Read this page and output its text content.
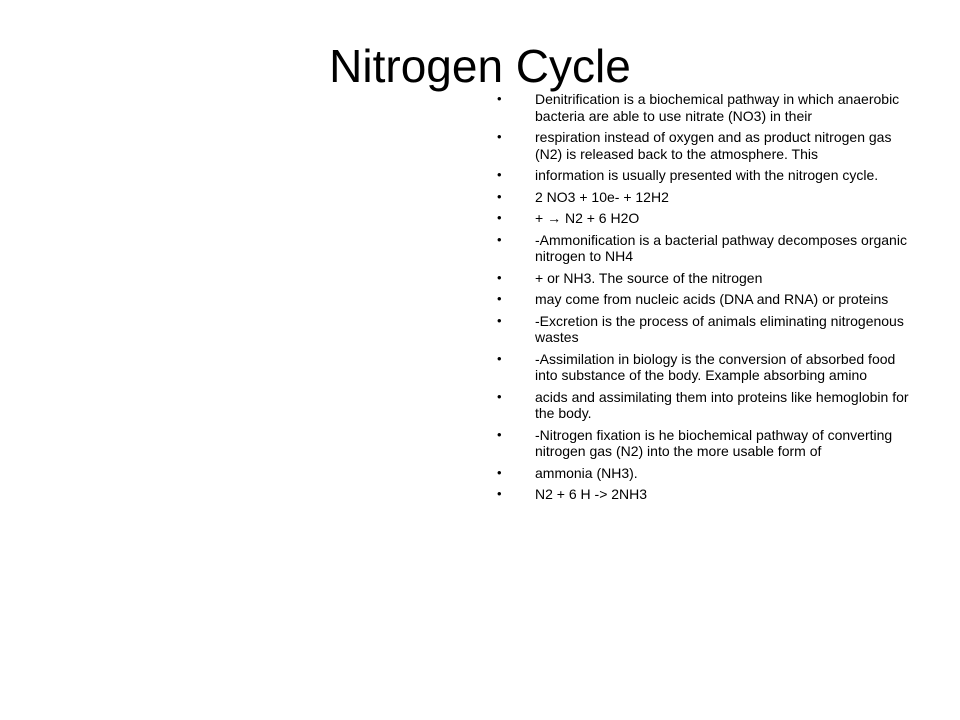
Nitrogen Cycle
• Denitrification is a biochemical pathway in which anaerobic bacteria are able to use nitrate (NO3) in their
• respiration instead of oxygen and as product nitrogen gas (N2) is released back to the atmosphere. This
• information is usually presented with the nitrogen cycle.
• 2 NO3 + 10e- + 12H2
• + → N2 + 6 H2O
• -Ammonification is a bacterial pathway decomposes organic nitrogen to NH4
• + or NH3. The source of the nitrogen
• may come from nucleic acids (DNA and RNA) or proteins
• -Excretion is the process of animals eliminating nitrogenous wastes
• -Assimilation in biology is the conversion of absorbed food into substance of the body. Example absorbing amino
• acids and assimilating them into proteins like hemoglobin for the body.
• -Nitrogen fixation is he biochemical pathway of converting nitrogen gas (N2) into the more usable form of
• ammonia (NH3).
• N2 + 6 H -> 2NH3
